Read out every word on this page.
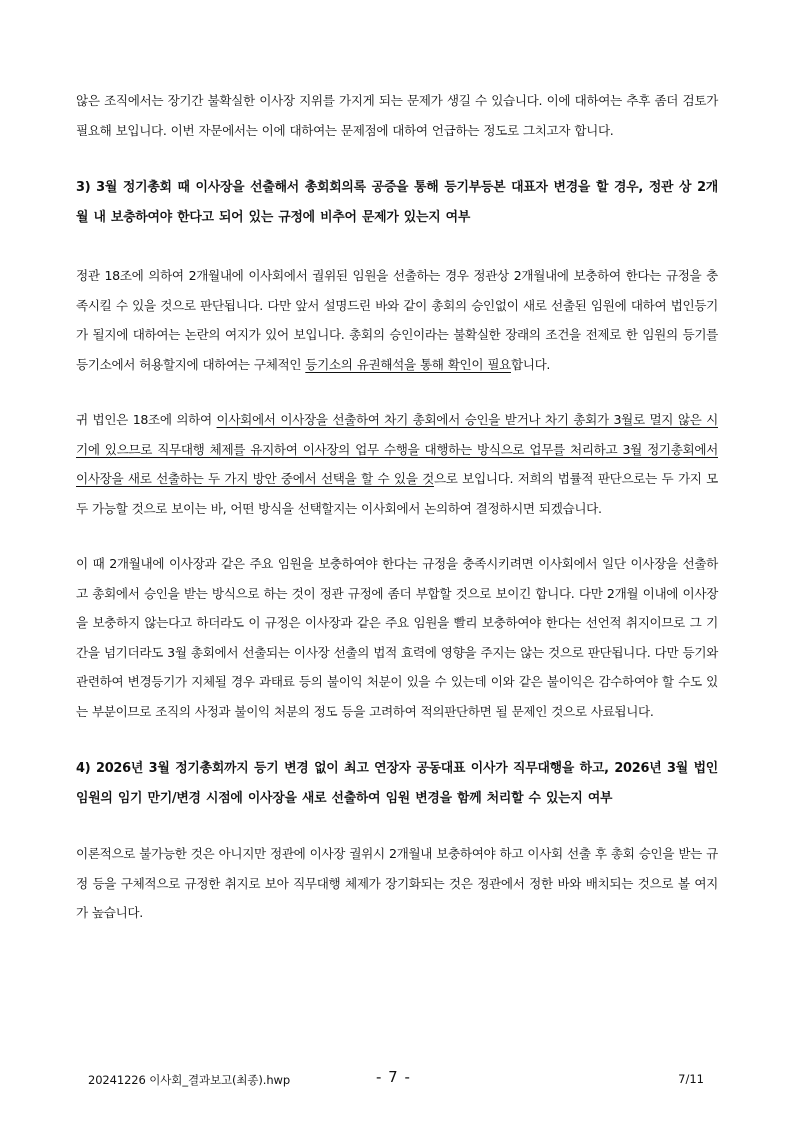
않은 조직에서는 장기간 불확실한 이사장 지위를 가지게 되는 문제가 생길 수 있습니다. 이에 대하여는 추후 좀더 검토가 필요해 보입니다. 이번 자문에서는 이에 대하여는 문제점에 대하여 언급하는 정도로 그치고자 합니다.

3) 3월 정기총회 때 이사장을 선출해서 총회회의록 공증을 통해 등기부등본 대표자 변경을 할 경우, 정관 상 2개월 내 보충하여야 한다고 되어 있는 규정에 비추어 문제가 있는지 여부

정관 18조에 의하여 2개월내에 이사회에서 궐위된 임원을 선출하는 경우 정관상 2개월내에 보충하여 한다는 규정을 충족시킬 수 있을 것으로 판단됩니다. 다만 앞서 설명드린 바와 같이 총회의 승인없이 새로 선출된 임원에 대하여 법인등기가 될지에 대하여는 논란의 여지가 있어 보입니다. 총회의 승인이라는 불확실한 장래의 조건을 전제로 한 임원의 등기를 등기소에서 허용할지에 대하여는 구체적인 등기소의 유권해석을 통해 확인이 필요합니다.

귀 법인은 18조에 의하여 이사회에서 이사장을 선출하여 차기 총회에서 승인을 받거나 차기 총회가 3월로 멀지 않은 시기에 있으므로 직무대행 체제를 유지하여 이사장의 업무 수행을 대행하는 방식으로 업무를 처리하고 3월 정기총회에서 이사장을 새로 선출하는 두 가지 방안 중에서 선택을 할 수 있을 것으로 보입니다. 저희의 법률적 판단으로는 두 가지 모두 가능할 것으로 보이는 바, 어떤 방식을 선택할지는 이사회에서 논의하여 결정하시면 되겠습니다.

이 때 2개월내에 이사장과 같은 주요 임원을 보충하여야 한다는 규정을 충족시키려면 이사회에서 일단 이사장을 선출하고 총회에서 승인을 받는 방식으로 하는 것이 정관 규정에 좀더 부합할 것으로 보이긴 합니다. 다만 2개월 이내에 이사장을 보충하지 않는다고 하더라도 이 규정은 이사장과 같은 주요 임원을 빨리 보충하여야 한다는 선언적 취지이므로 그 기간을 넘기더라도 3월 총회에서 선출되는 이사장 선출의 법적 효력에 영향을 주지는 않는 것으로 판단됩니다. 다만 등기와 관련하여 변경등기가 지체될 경우 과태료 등의 불이익 처분이 있을 수 있는데 이와 같은 불이익은 감수하여야 할 수도 있는 부분이므로 조직의 사정과 불이익 처분의 정도 등을 고려하여 적의판단하면 될 문제인 것으로 사료됩니다.

4) 2026년 3월 정기총회까지 등기 변경 없이 최고 연장자 공동대표 이사가 직무대행을 하고, 2026년 3월 법인 임원의 임기 만기/변경 시점에 이사장을 새로 선출하여 임원 변경을 함께 처리할 수 있는지 여부

이론적으로 불가능한 것은 아니지만 정관에 이사장 궐위시 2개월내 보충하여야 하고 이사회 선출 후 총회 승인을 받는 규정 등을 구체적으로 규정한 취지로 보아 직무대행 체제가 장기화되는 것은 정관에서 정한 바와 배치되는 것으로 볼 여지가 높습니다.

20241226 이사회_결과보고(최종).hwp	- 7 -	7/11
